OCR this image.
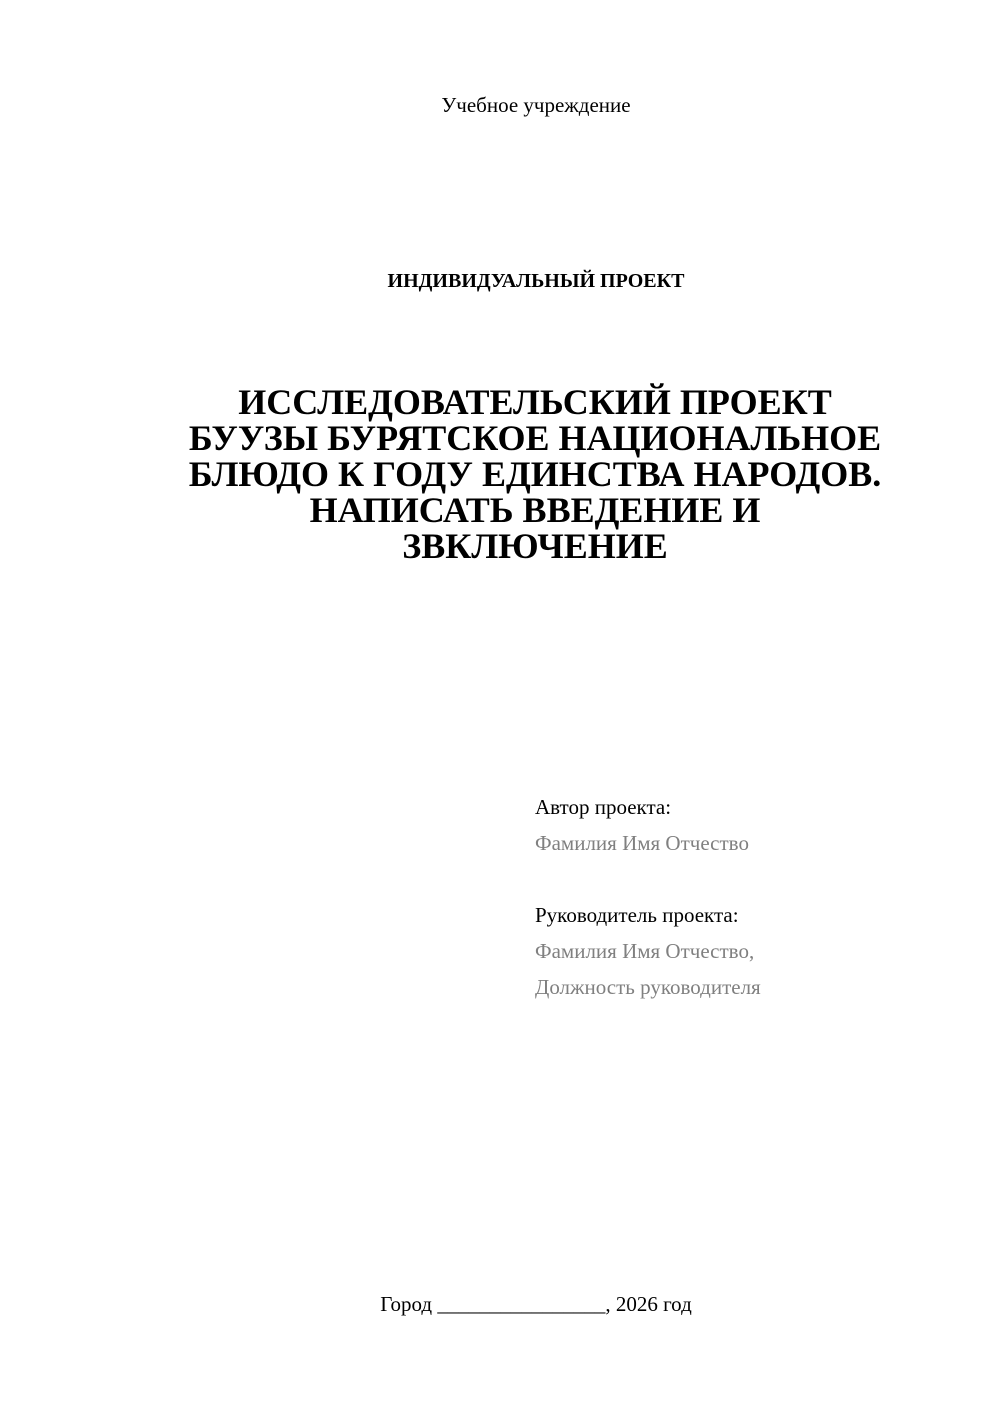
Учебное учреждение
ИНДИВИДУАЛЬНЫЙ ПРОЕКТ
ИССЛЕДОВАТЕЛЬСКИЙ ПРОЕКТ
БУУЗЫ БУРЯТСКОЕ НАЦИОНАЛЬНОЕ
БЛЮДО К ГОДУ ЕДИНСТВА НАРОДОВ.
НАПИСАТЬ ВВЕДЕНИЕ И
ЗВКЛЮЧЕНИЕ
Автор проекта:
Фамилия Имя Отчество
Руководитель проекта:
Фамилия Имя Отчество,
Должность руководителя
Город ________________, 2026 год
